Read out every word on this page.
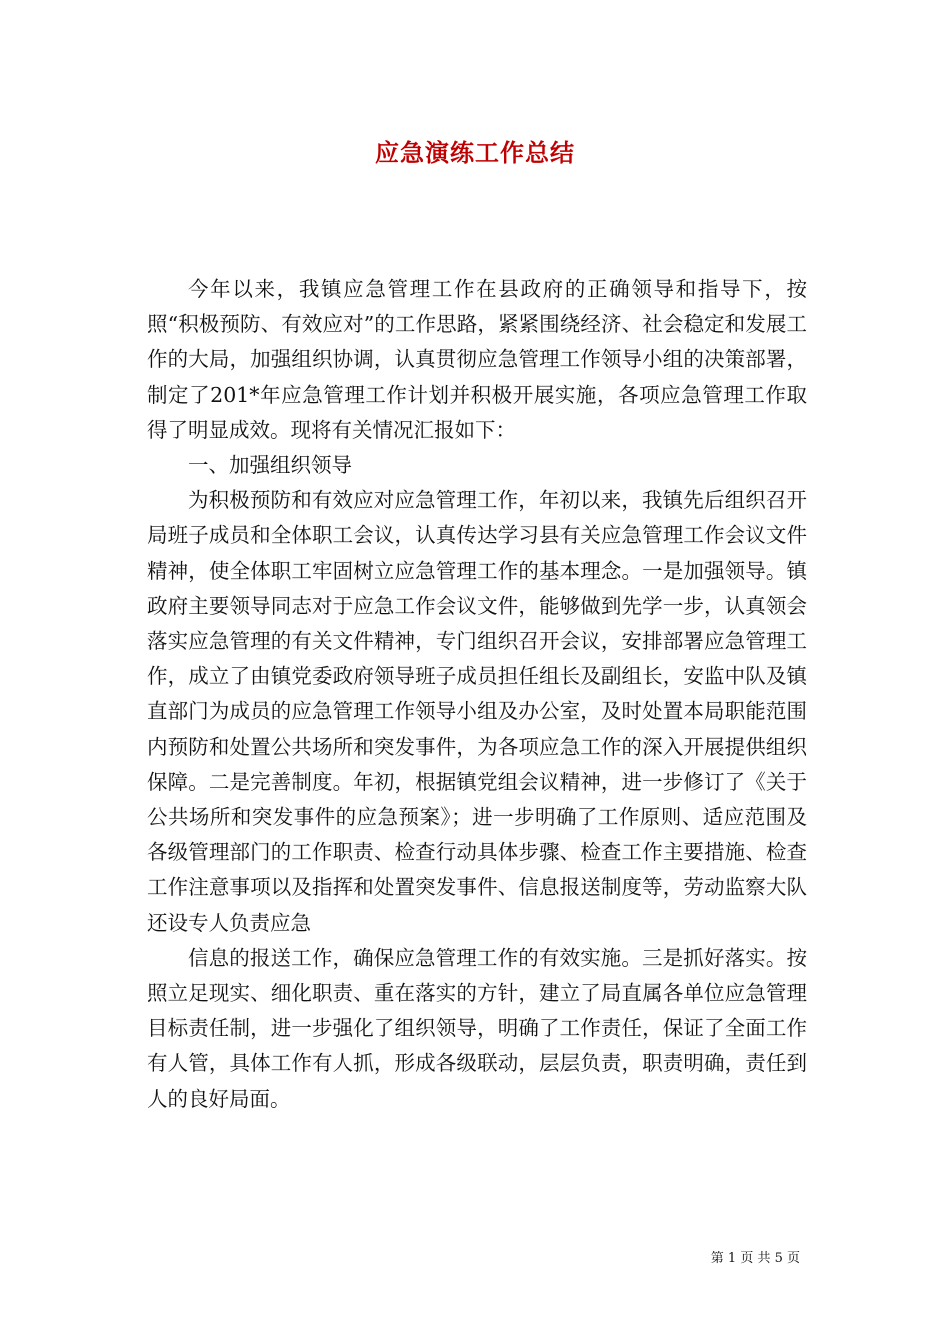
应急演练工作总结

今年以来，我镇应急管理工作在县政府的正确领导和指导下，按照“积极预防、有效应对”的工作思路，紧紧围绕经济、社会稳定和发展工作的大局，加强组织协调，认真贯彻应急管理工作领导小组的决策部署，制定了201*年应急管理工作计划并积极开展实施，各项应急管理工作取得了明显成效。现将有关情况汇报如下：

一、加强组织领导

为积极预防和有效应对应急管理工作，年初以来，我镇先后组织召开局班子成员和全体职工会议，认真传达学习县有关应急管理工作会议文件精神，使全体职工牢固树立应急管理工作的基本理念。一是加强领导。镇政府主要领导同志对于应急工作会议文件，能够做到先学一步，认真领会落实应急管理的有关文件精神，专门组织召开会议，安排部署应急管理工作，成立了由镇党委政府领导班子成员担任组长及副组长，安监中队及镇直部门为成员的应急管理工作领导小组及办公室，及时处置本局职能范围内预防和处置公共场所和突发事件，为各项应急工作的深入开展提供组织保障。二是完善制度。年初，根据镇党组会议精神，进一步修订了《关于公共场所和突发事件的应急预案》；进一步明确了工作原则、适应范围及各级管理部门的工作职责、检查行动具体步骤、检查工作主要措施、检查工作注意事项以及指挥和处置突发事件、信息报送制度等，劳动监察大队还设专人负责应急

信息的报送工作，确保应急管理工作的有效实施。三是抓好落实。按照立足现实、细化职责、重在落实的方针，建立了局直属各单位应急管理目标责任制，进一步强化了组织领导，明确了工作责任，保证了全面工作有人管，具体工作有人抓，形成各级联动，层层负责，职责明确，责任到人的良好局面。

第 1 页 共 5 页
